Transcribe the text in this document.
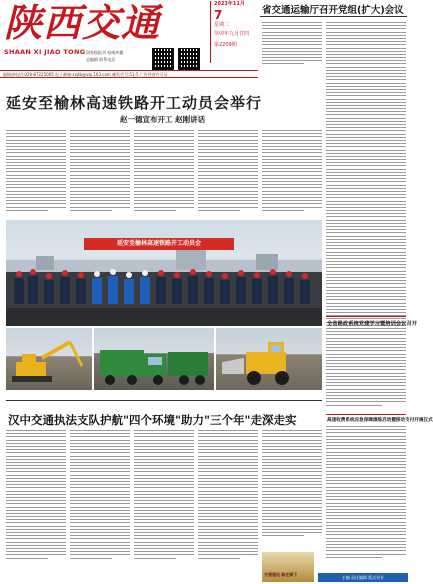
陕西交通
SHAAN XI JIAO TONG 国家级报刊 权威传播
总编辑 联系电话
2023年11月
7
星期二
癸卯年九月廿四
第2209期
省交通运输厅召开党组(扩大)会议
编辑部电话:029-87225005 电子邮箱:sxjtb@vip.163.com 邮发代号:51-5 广告经营许可证
延安至榆林高速铁路开工动员会举行
赵一德宣布开工 赵刚讲话
延安至榆林高速铁路开工动员会
全省路政系统党建学习暨培训会议召开
高速收费系统应急保障演练启动暨移动支付开通仪式
汉中交通执法支队护航"四个环境"助力"三个年"走深走实
交通建设 路在脚下
主编 责任编辑 版式设计
